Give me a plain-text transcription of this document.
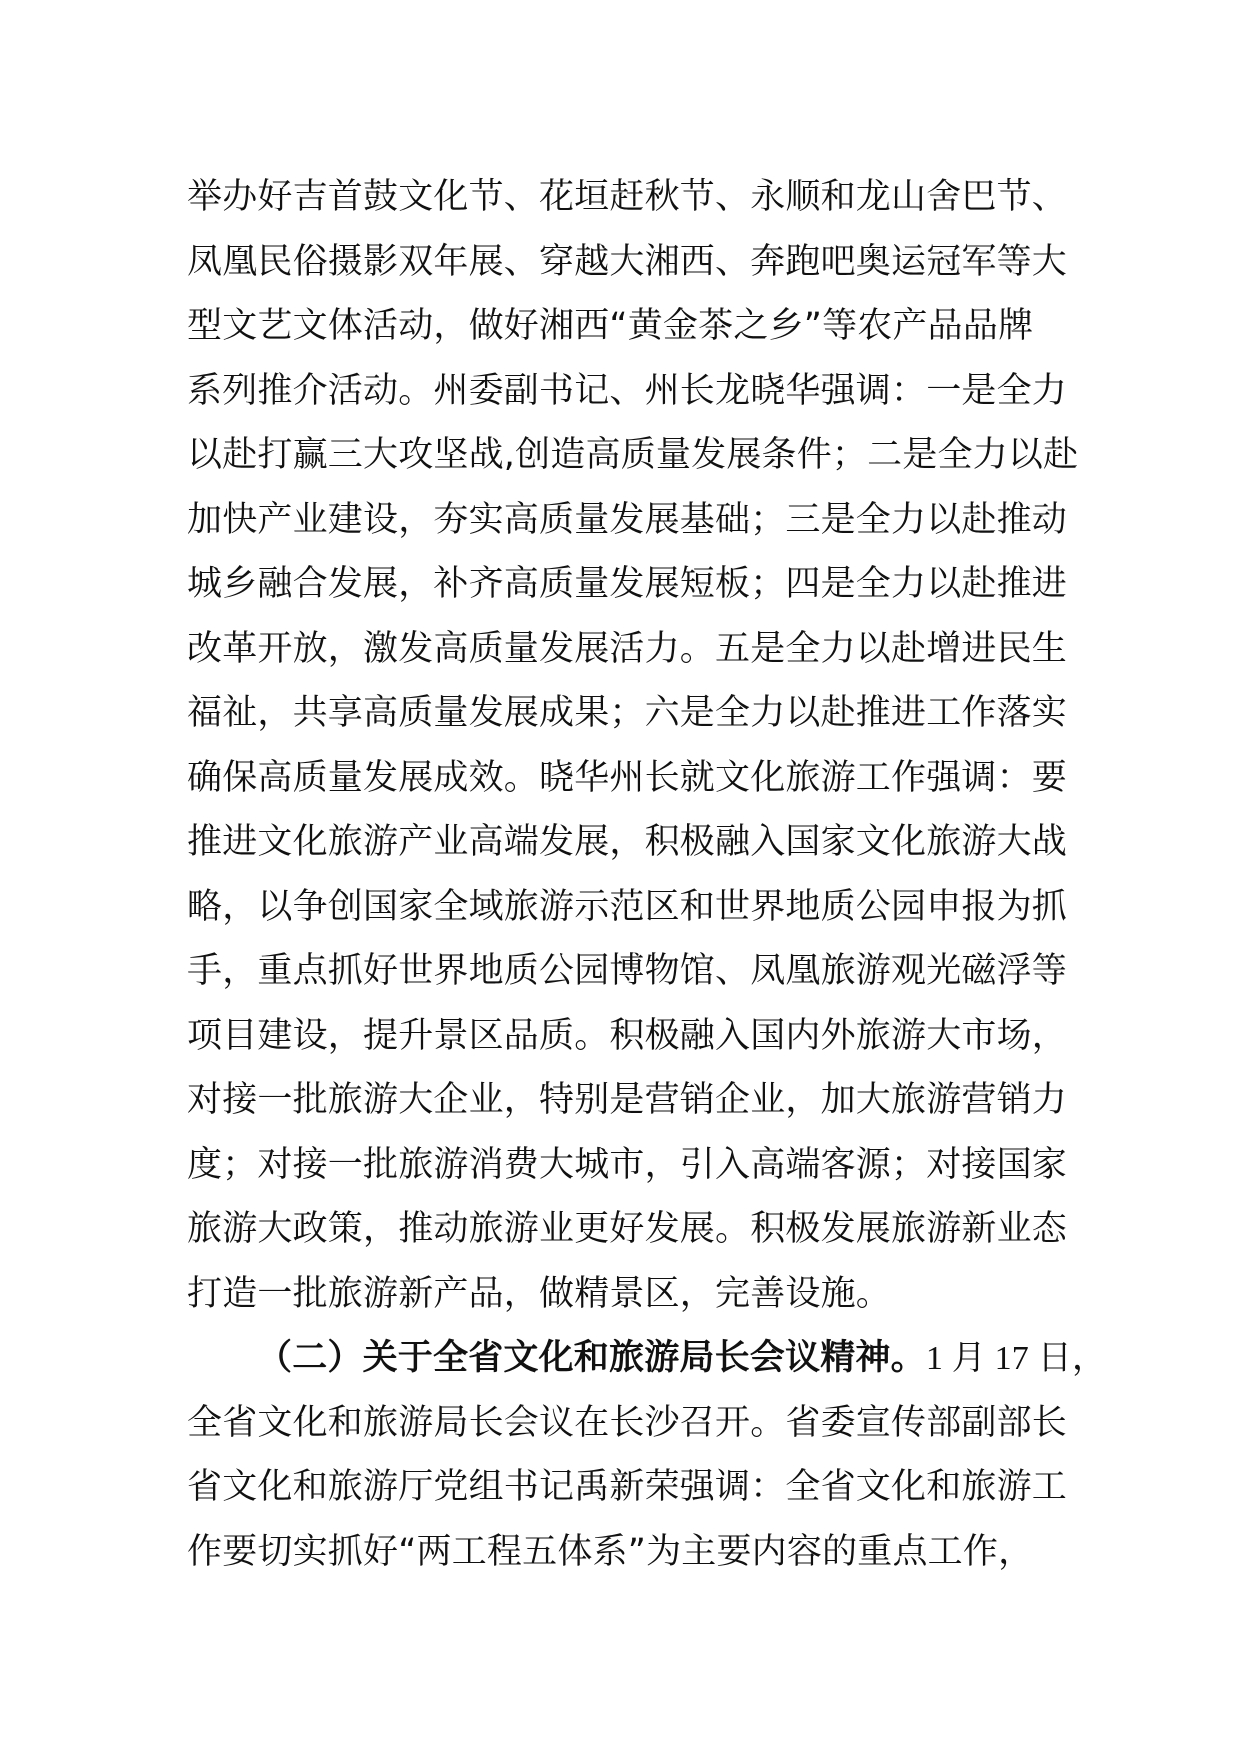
举办好吉首鼓文化节、花垣赶秋节、永顺和龙山舍巴节、
凤凰民俗摄影双年展、穿越大湘西、奔跑吧奥运冠军等大
型文艺文体活动，做好湘西“黄金茶之乡”等农产品品牌
系列推介活动。州委副书记、州长龙晓华强调：一是全力
以赴打赢三大攻坚战,创造高质量发展条件；二是全力以赴
加快产业建设，夯实高质量发展基础；三是全力以赴推动
城乡融合发展，补齐高质量发展短板；四是全力以赴推进
改革开放，激发高质量发展活力。五是全力以赴增进民生
福祉，共享高质量发展成果；六是全力以赴推进工作落实
确保高质量发展成效。晓华州长就文化旅游工作强调：要
推进文化旅游产业高端发展，积极融入国家文化旅游大战
略，以争创国家全域旅游示范区和世界地质公园申报为抓
手，重点抓好世界地质公园博物馆、凤凰旅游观光磁浮等
项目建设，提升景区品质。积极融入国内外旅游大市场，
对接一批旅游大企业，特别是营销企业，加大旅游营销力
度；对接一批旅游消费大城市，引入高端客源；对接国家
旅游大政策，推动旅游业更好发展。积极发展旅游新业态
打造一批旅游新产品，做精景区，完善设施。
（二）关于全省文化和旅游局长会议精神。1 月 17 日，
全省文化和旅游局长会议在长沙召开。省委宣传部副部长
省文化和旅游厅党组书记禹新荣强调：全省文化和旅游工
作要切实抓好“两工程五体系”为主要内容的重点工作，
